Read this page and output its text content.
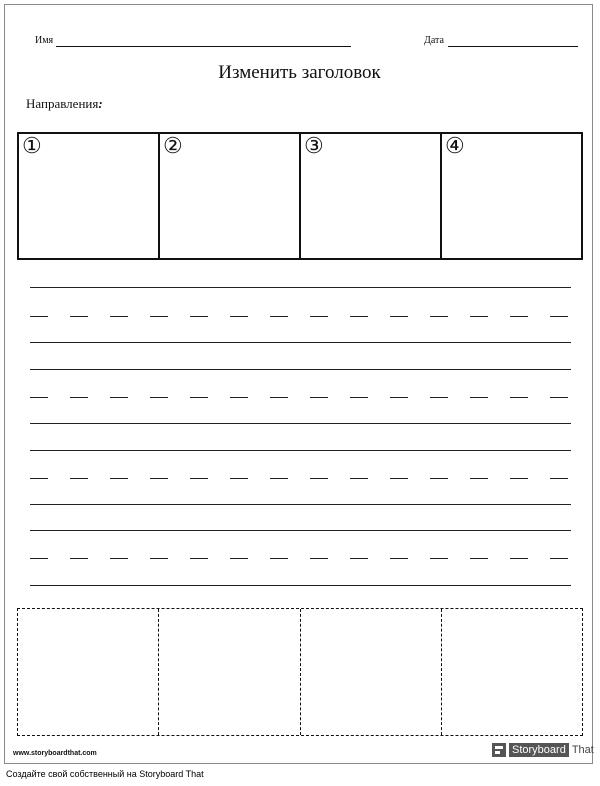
Имя	Дата
Изменить заголовок
Направления:
①	②	③	④
www.storyboardthat.com	Storyboard That
Создайте свой собственный на Storyboard That
